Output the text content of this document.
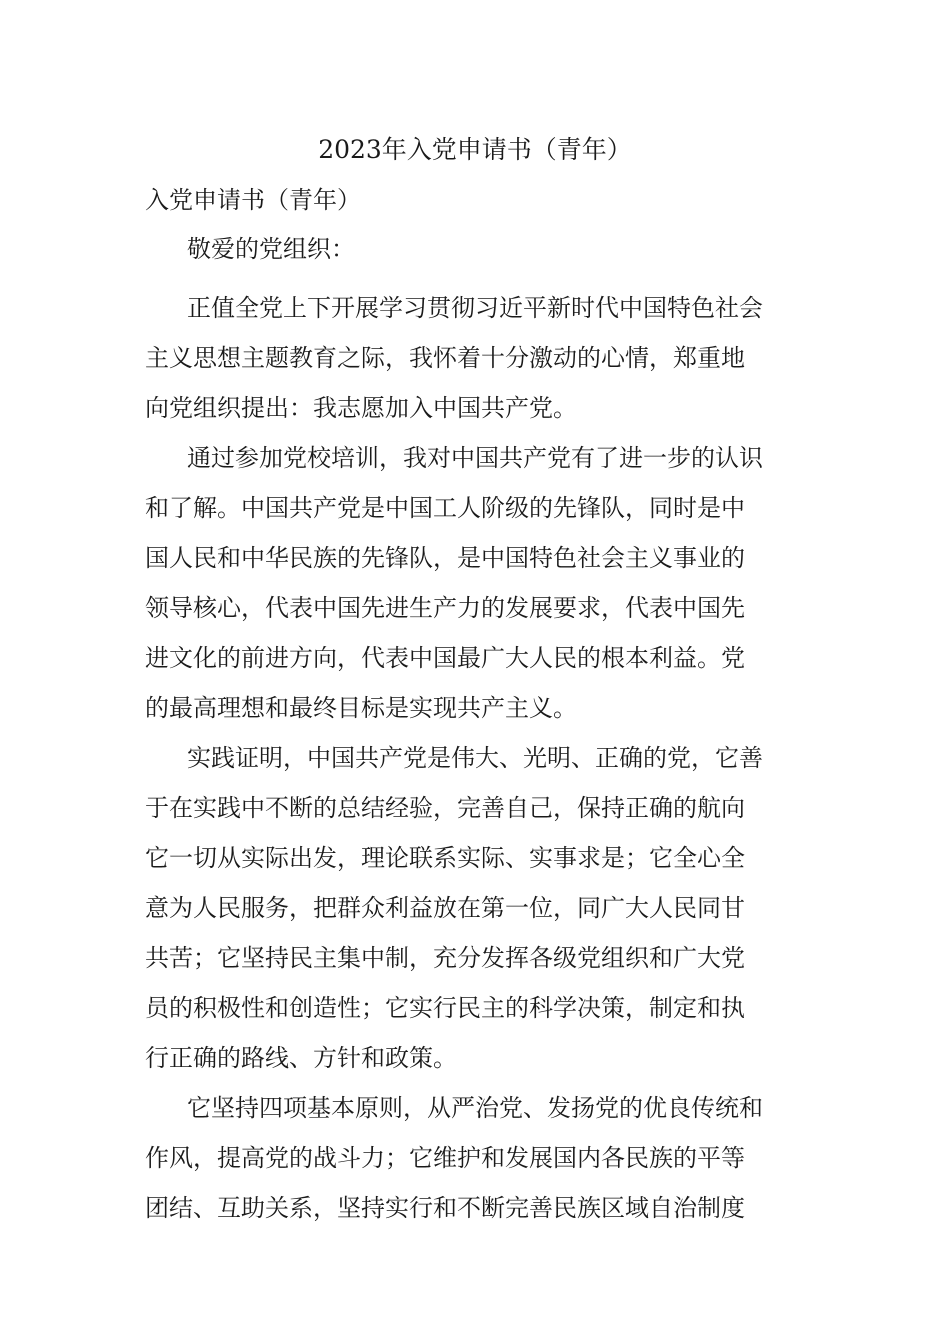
2023年入党申请书（青年）

入党申请书（青年）

敬爱的党组织：

正值全党上下开展学习贯彻习近平新时代中国特色社会
主义思想主题教育之际，我怀着十分激动的心情，郑重地
向党组织提出：我志愿加入中国共产党。
通过参加党校培训，我对中国共产党有了进一步的认识
和了解。中国共产党是中国工人阶级的先锋队，同时是中
国人民和中华民族的先锋队，是中国特色社会主义事业的
领导核心，代表中国先进生产力的发展要求，代表中国先
进文化的前进方向，代表中国最广大人民的根本利益。党
的最高理想和最终目标是实现共产主义。
实践证明，中国共产党是伟大、光明、正确的党，它善
于在实践中不断的总结经验，完善自己，保持正确的航向
它一切从实际出发，理论联系实际、实事求是；它全心全
意为人民服务，把群众利益放在第一位，同广大人民同甘
共苦；它坚持民主集中制，充分发挥各级党组织和广大党
员的积极性和创造性；它实行民主的科学决策，制定和执
行正确的路线、方针和政策。
它坚持四项基本原则，从严治党、发扬党的优良传统和
作风，提高党的战斗力；它维护和发展国内各民族的平等
团结、互助关系，坚持实行和不断完善民族区域自治制度
